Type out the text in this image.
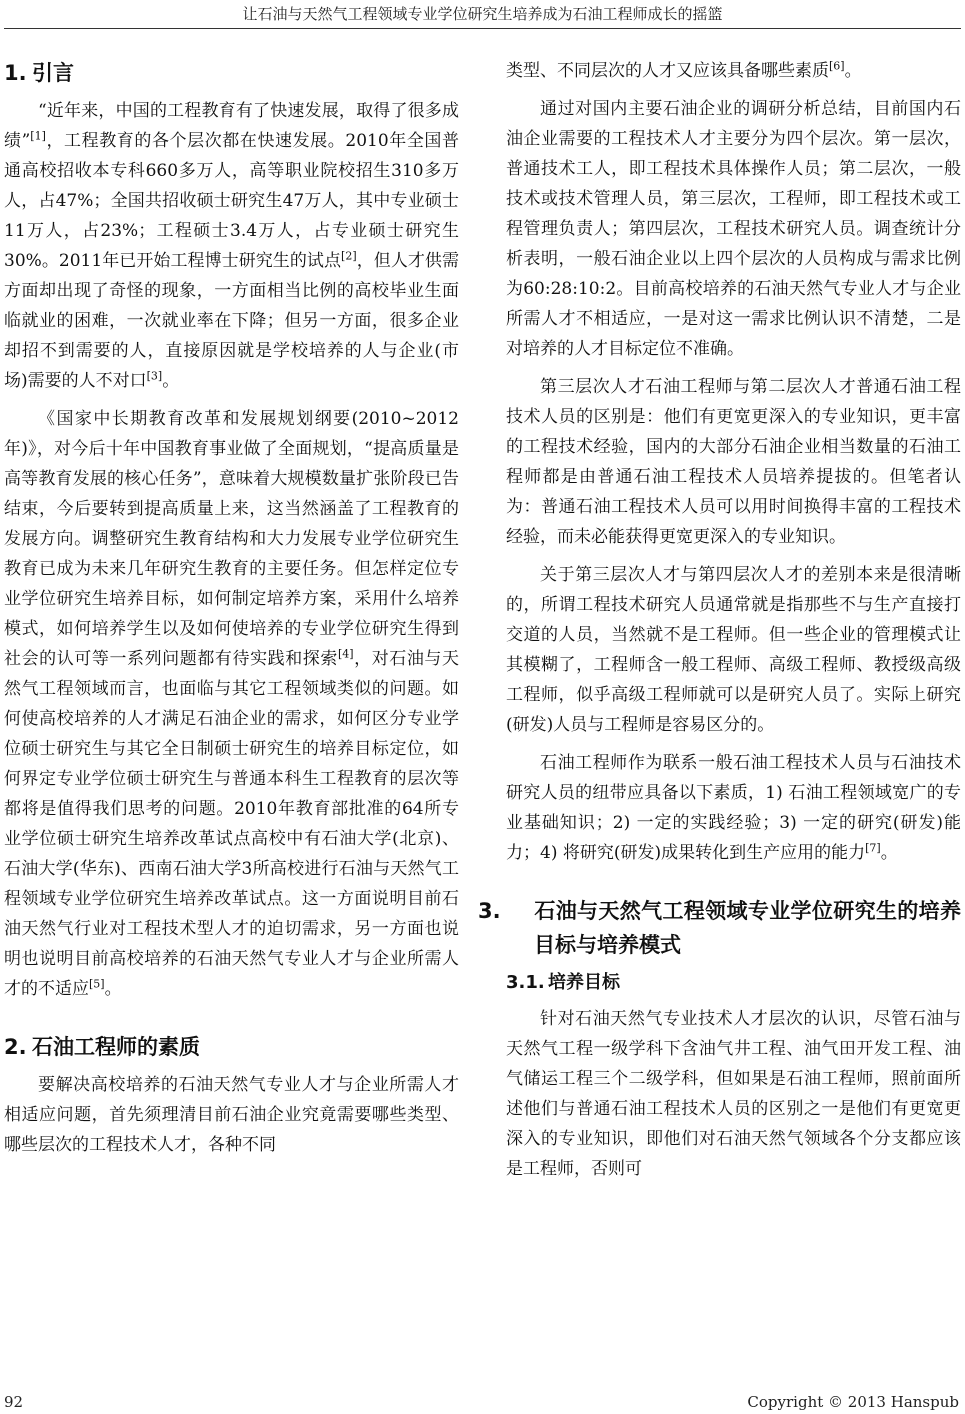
让石油与天然气工程领域专业学位研究生培养成为石油工程师成长的摇篮
1. 引言

“近年来，中国的工程教育有了快速发展，取得了很多成绩”[1]，工程教育的各个层次都在快速发展。2010年全国普通高校招收本专科660多万人，高等职业院校招生310多万人，占47%；全国共招收硕士研究生47万人，其中专业硕士11万人，占23%；工程硕士3.4万人，占专业硕士研究生30%。2011年已开始工程博士研究生的试点[2]，但人才供需方面却出现了奇怪的现象，一方面相当比例的高校毕业生面临就业的困难，一次就业率在下降；但另一方面，很多企业却招不到需要的人，直接原因就是学校培养的人与企业(市场)需要的人不对口[3]。

《国家中长期教育改革和发展规划纲要(2010~2012年)》，对今后十年中国教育事业做了全面规划，“提高质量是高等教育发展的核心任务”，意味着大规模数量扩张阶段已告结束，今后要转到提高质量上来，这当然涵盖了工程教育的发展方向。调整研究生教育结构和大力发展专业学位研究生教育已成为未来几年研究生教育的主要任务。但怎样定位专业学位研究生培养目标，如何制定培养方案，采用什么培养模式，如何培养学生以及如何使培养的专业学位研究生得到社会的认可等一系列问题都有待实践和探索[4]，对石油与天然气工程领域而言，也面临与其它工程领域类似的问题。如何使高校培养的人才满足石油企业的需求，如何区分专业学位硕士研究生与其它全日制硕士研究生的培养目标定位，如何界定专业学位硕士研究生与普通本科生工程教育的层次等都将是值得我们思考的问题。2010年教育部批准的64所专业学位硕士研究生培养改革试点高校中有石油大学(北京)、石油大学(华东)、西南石油大学3所高校进行石油与天然气工程领域专业学位研究生培养改革试点。这一方面说明目前石油天然气行业对工程技术型人才的迫切需求，另一方面也说明也说明目前高校培养的石油天然气专业人才与企业所需人才的不适应[5]。

2. 石油工程师的素质

要解决高校培养的石油天然气专业人才与企业所需人才相适应问题，首先须理清目前石油企业究竟需要哪些类型、哪些层次的工程技术人才，各种不同

类型、不同层次的人才又应该具备哪些素质[6]。

通过对国内主要石油企业的调研分析总结，目前国内石油企业需要的工程技术人才主要分为四个层次。第一层次，普通技术工人，即工程技术具体操作人员；第二层次，一般技术或技术管理人员，第三层次，工程师，即工程技术或工程管理负责人；第四层次，工程技术研究人员。调查统计分析表明，一般石油企业以上四个层次的人员构成与需求比例为60:28:10:2。目前高校培养的石油天然气专业人才与企业所需人才不相适应，一是对这一需求比例认识不清楚，二是对培养的人才目标定位不准确。

第三层次人才石油工程师与第二层次人才普通石油工程技术人员的区别是：他们有更宽更深入的专业知识，更丰富的工程技术经验，国内的大部分石油企业相当数量的石油工程师都是由普通石油工程技术人员培养提拔的。但笔者认为：普通石油工程技术人员可以用时间换得丰富的工程技术经验，而未必能获得更宽更深入的专业知识。

关于第三层次人才与第四层次人才的差别本来是很清晰的，所谓工程技术研究人员通常就是指那些不与生产直接打交道的人员，当然就不是工程师。但一些企业的管理模式让其模糊了，工程师含一般工程师、高级工程师、教授级高级工程师，似乎高级工程师就可以是研究人员了。实际上研究(研发)人员与工程师是容易区分的。

石油工程师作为联系一般石油工程技术人员与石油技术研究人员的纽带应具备以下素质，1) 石油工程领域宽广的专业基础知识；2) 一定的实践经验；3) 一定的研究(研发)能力；4) 将研究(研发)成果转化到生产应用的能力[7]。

3. 石油与天然气工程领域专业学位研究生的培养目标与培养模式
3.1. 培养目标

针对石油天然气专业技术人才层次的认识，尽管石油与天然气工程一级学科下含油气井工程、油气田开发工程、油气储运工程三个二级学科，但如果是石油工程师，照前面所述他们与普通石油工程技术人员的区别之一是他们有更宽更深入的专业知识，即他们对石油天然气领域各个分支都应该是工程师，否则可

92	Copyright © 2013 Hanspub
